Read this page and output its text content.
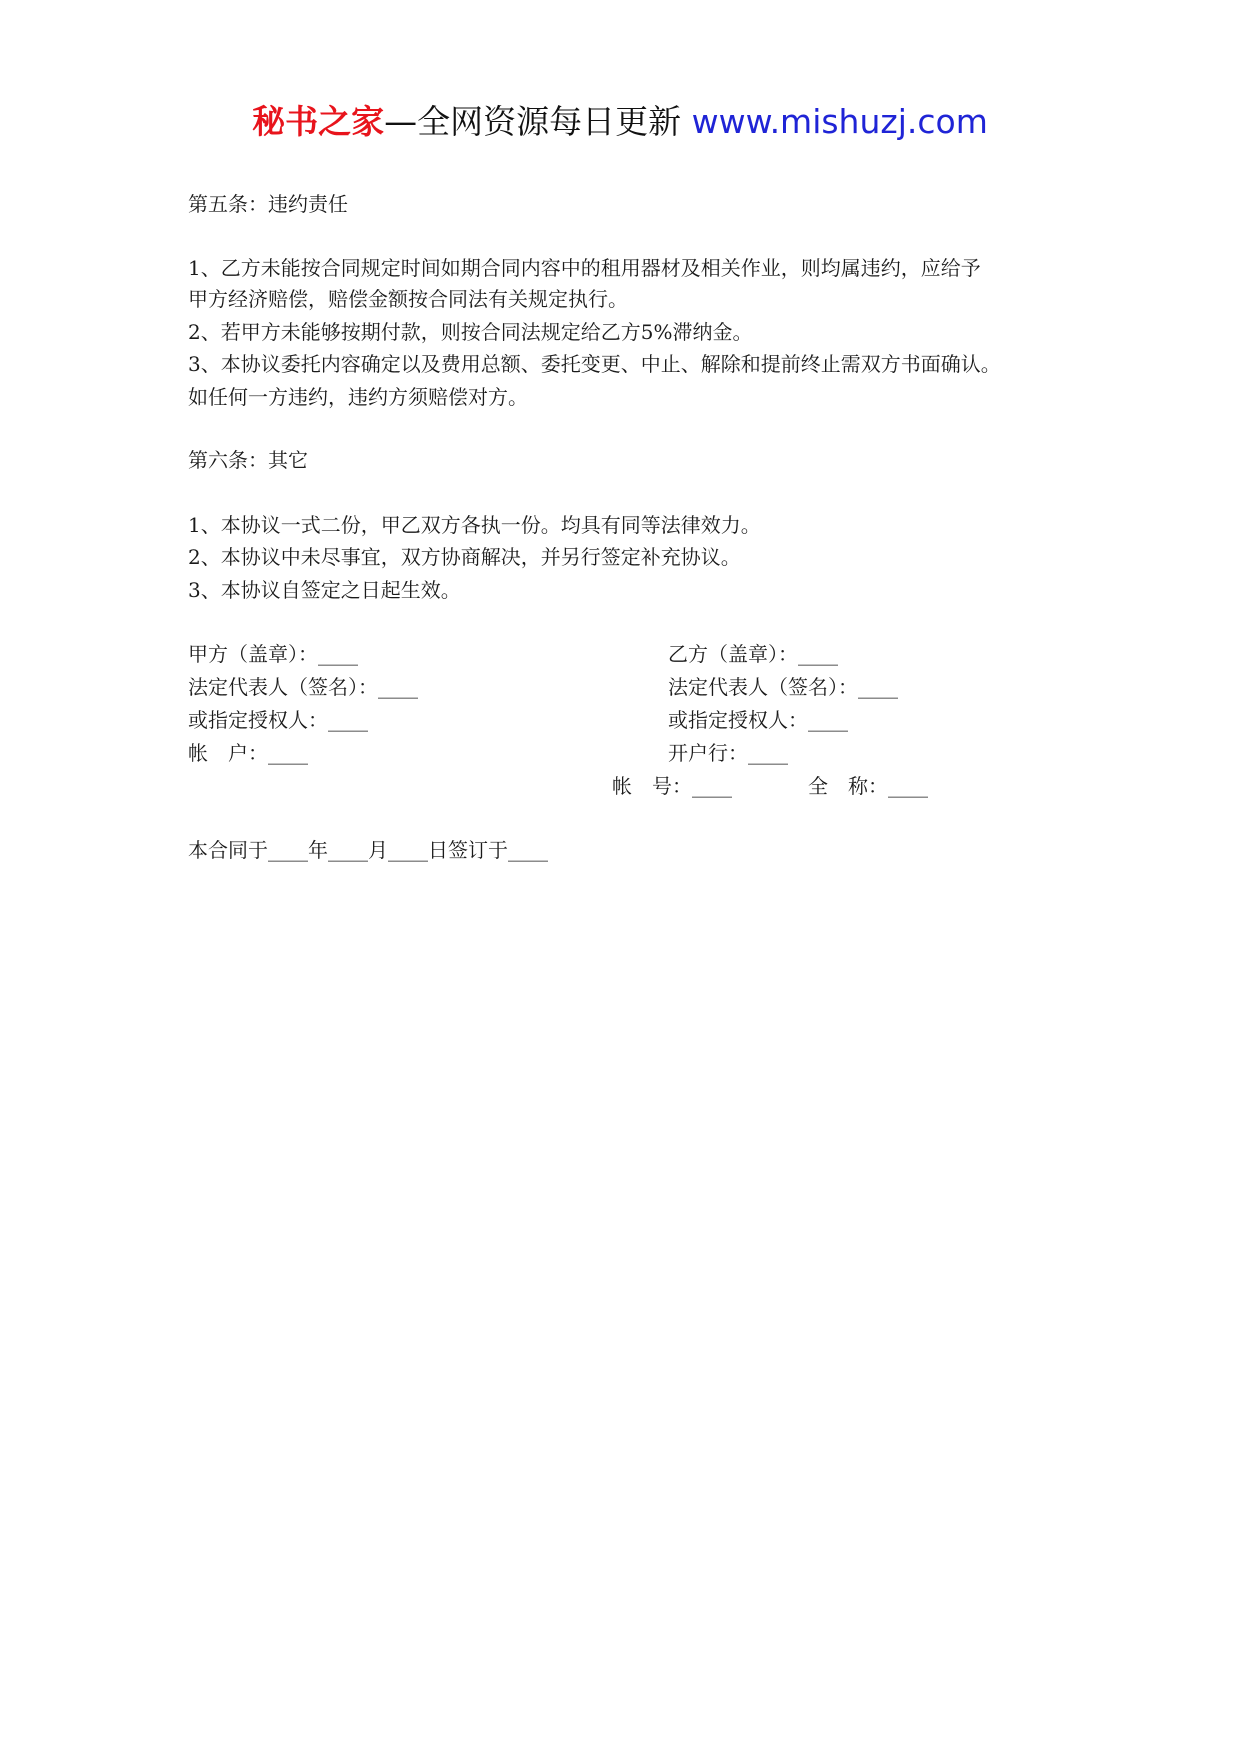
秘书之家—全网资源每日更新 www.mishuzj.com
第五条：违约责任
1、乙方未能按合同规定时间如期合同内容中的租用器材及相关作业，则均属违约，应给予
甲方经济赔偿，赔偿金额按合同法有关规定执行。
2、若甲方未能够按期付款，则按合同法规定给乙方5%滞纳金。
3、本协议委托内容确定以及费用总额、委托变更、中止、解除和提前终止需双方书面确认。
如任何一方违约，违约方须赔偿对方。
第六条：其它
1、本协议一式二份，甲乙双方各执一份。均具有同等法律效力。
2、本协议中未尽事宜，双方协商解决，并另行签定补充协议。
3、本协议自签定之日起生效。
本合同于____年____月____日签订于____
甲方（盖章）：____
法定代表人（签名）：____
或指定授权人：____
帐　户：____
乙方（盖章）：____
法定代表人（签名）：____
或指定授权人：____
开户行：____
帐　号：____	全　称：____
